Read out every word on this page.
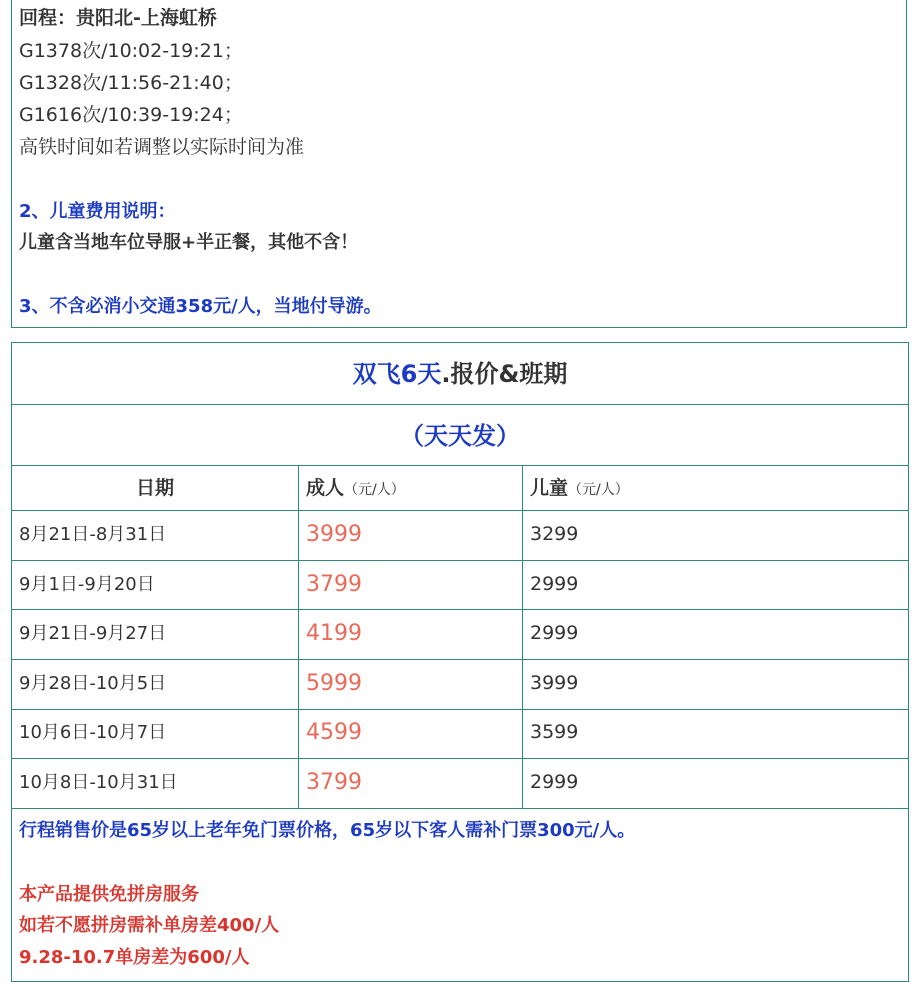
回程：贵阳北-上海虹桥
G1378次/10:02-19:21；
G1328次/11:56-21:40；
G1616次/10:39-19:24；
高铁时间如若调整以实际时间为准
2、儿童费用说明：
儿童含当地车位导服+半正餐，其他不含！
3、不含必消小交通358元/人，当地付导游。
双飞6天.报价&班期
（天天发）
日期	成人（元/人）	儿童（元/人）
8月21日-8月31日	3999	3299
9月1日-9月20日	3799	2999
9月21日-9月27日	4199	2999
9月28日-10月5日	5999	3999
10月6日-10月7日	4599	3599
10月8日-10月31日	3799	2999
行程销售价是65岁以上老年免门票价格，65岁以下客人需补门票300元/人。
本产品提供免拼房服务
如若不愿拼房需补单房差400/人
9.28-10.7单房差为600/人
